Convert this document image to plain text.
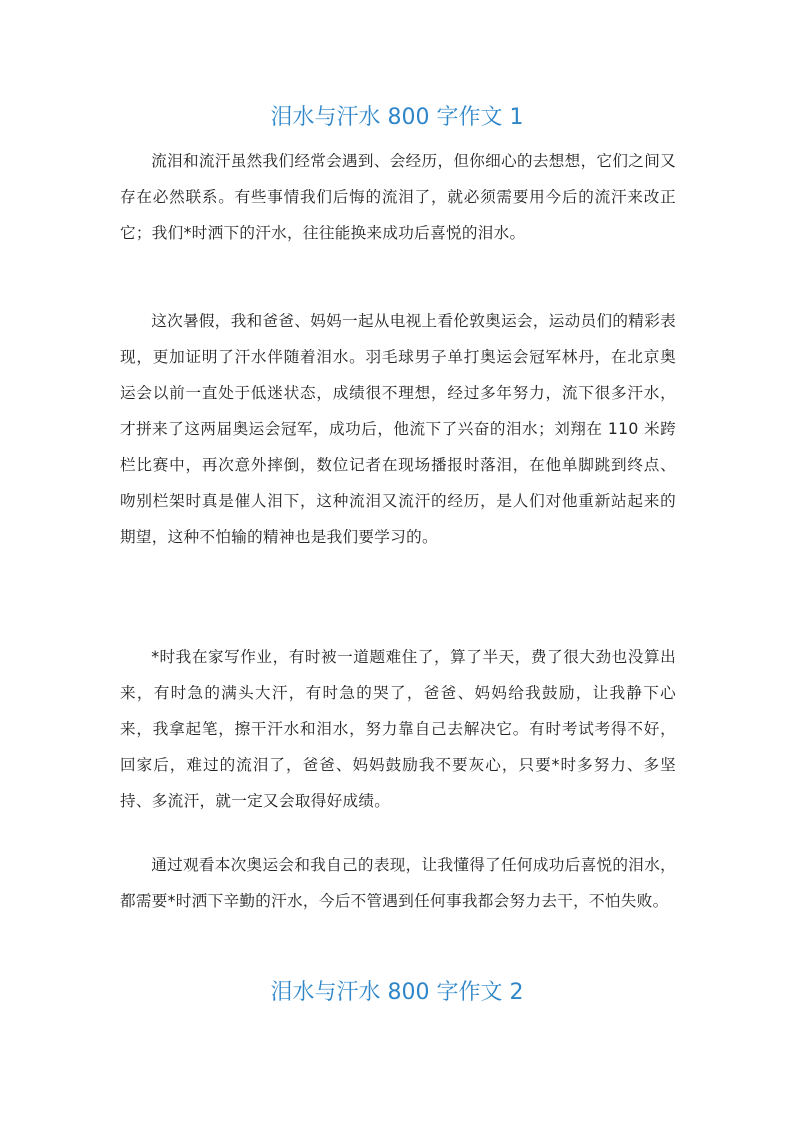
泪水与汗水 800 字作文 1

流泪和流汗虽然我们经常会遇到、会经历，但你细心的去想想，它们之间又存在必然联系。有些事情我们后悔的流泪了，就必须需要用今后的流汗来改正它；我们*时洒下的汗水，往往能换来成功后喜悦的泪水。

这次暑假，我和爸爸、妈妈一起从电视上看伦敦奥运会，运动员们的精彩表现，更加证明了汗水伴随着泪水。羽毛球男子单打奥运会冠军林丹，在北京奥运会以前一直处于低迷状态，成绩很不理想，经过多年努力，流下很多汗水，才拼来了这两届奥运会冠军，成功后，他流下了兴奋的泪水；刘翔在 110 米跨栏比赛中，再次意外摔倒，数位记者在现场播报时落泪，在他单脚跳到终点、吻别栏架时真是催人泪下，这种流泪又流汗的经历，是人们对他重新站起来的期望，这种不怕输的精神也是我们要学习的。

*时我在家写作业，有时被一道题难住了，算了半天，费了很大劲也没算出来，有时急的满头大汗，有时急的哭了，爸爸、妈妈给我鼓励，让我静下心来，我拿起笔，擦干汗水和泪水，努力靠自己去解决它。有时考试考得不好，回家后，难过的流泪了，爸爸、妈妈鼓励我不要灰心，只要*时多努力、多坚持、多流汗，就一定又会取得好成绩。

通过观看本次奥运会和我自己的表现，让我懂得了任何成功后喜悦的泪水，都需要*时洒下辛勤的汗水，今后不管遇到任何事我都会努力去干，不怕失败。

泪水与汗水 800 字作文 2
